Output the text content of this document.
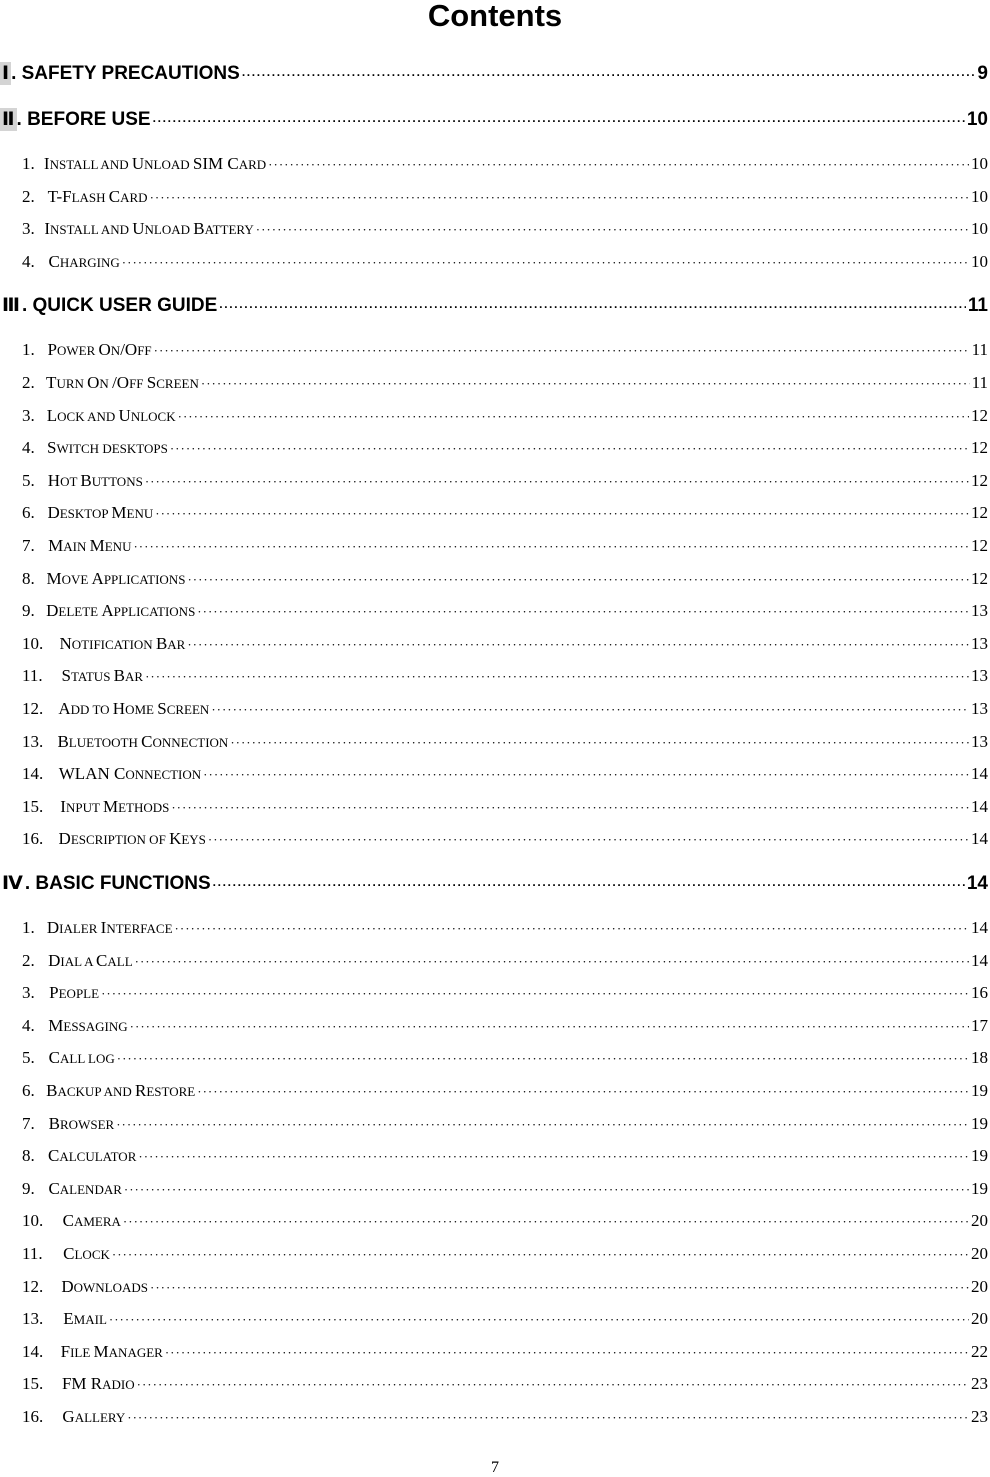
Contents
Ⅰ . SAFETY PRECAUTIONS ·····	9
Ⅱ . BEFORE USE ·····	10
1. INSTALL AND UNLOAD SIM CARD ·····	10
2. T-FLASH CARD ·····	10
3. INSTALL AND UNLOAD BATTERY ·····	10
4. CHARGING ·····	10
Ⅲ . QUICK USER GUIDE ·····	11
1. POWER ON/OFF ·····	11
2. TURN ON /OFF SCREEN ·····	11
3. LOCK AND UNLOCK ·····	12
4. SWITCH DESKTOPS ·····	12
5. HOT BUTTONS ·····	12
6. DESKTOP MENU ·····	12
7. MAIN MENU ·····	12
8. MOVE APPLICATIONS ·····	12
9. DELETE APPLICATIONS ·····	13
10. NOTIFICATION BAR ·····	13
11.	STATUS BAR ·····	13
12. ADD TO HOME SCREEN ·····	13
13. BLUETOOTH CONNECTION ·····	13
14. WLAN CONNECTION ·····	14
15.	INPUT METHODS ·····	14
16. DESCRIPTION OF KEYS ·····	14
Ⅳ . BASIC FUNCTIONS ·····	14
1. DIALER INTERFACE ·····	14
2. DIAL A CALL ·····	14
3. PEOPLE ·····	16
4. MESSAGING ·····	17
5. CALL LOG ·····	18
6. BACKUP AND RESTORE ·····	19
7. BROWSER ·····	19
8. CALCULATOR ·····	19
9. CALENDAR ·····	19
10.	CAMERA ·····	20
11.	CLOCK ·····	20
12.	DOWNLOADS ·····	20
13.	EMAIL ·····	20
14.	FILE MANAGER ·····	22
15.	FM RADIO ·····	23
16.	GALLERY ·····	23
7
